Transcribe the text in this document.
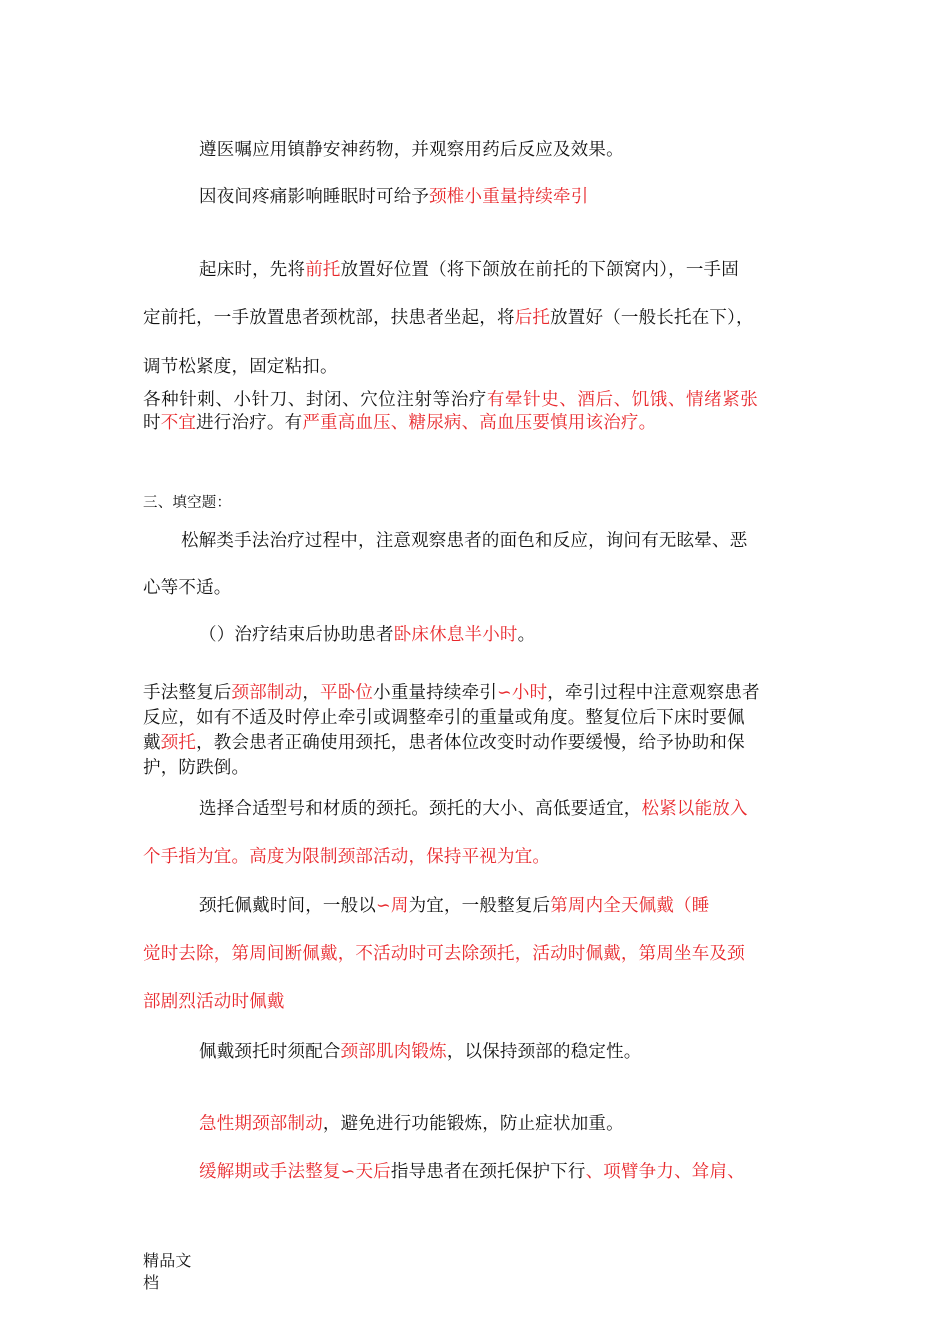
遵医嘱应用镇静安神药物，并观察用药后反应及效果。
因夜间疼痛影响睡眠时可给予颈椎小重量持续牵引
起床时，先将前托放置好位置（将下颌放在前托的下颌窝内），一手固
定前托，一手放置患者颈枕部，扶患者坐起，将后托放置好（一般长托在下），
调节松紧度，固定粘扣。
各种针刺、小针刀、封闭、穴位注射等治疗有晕针史、酒后、饥饿、情绪紧张
时不宜进行治疗。有严重高血压、糖尿病、高血压要慎用该治疗。
三、填空题：
松解类手法治疗过程中，注意观察患者的面色和反应，询问有无眩晕、恶
心等不适。
（）治疗结束后协助患者卧床休息半小时。
手法整复后颈部制动，平卧位小重量持续牵引∽小时，牵引过程中注意观察患者
反应，如有不适及时停止牵引或调整牵引的重量或角度。整复位后下床时要佩
戴颈托，教会患者正确使用颈托，患者体位改变时动作要缓慢，给予协助和保
护，防跌倒。
选择合适型号和材质的颈托。颈托的大小、高低要适宜，松紧以能放入
个手指为宜。高度为限制颈部活动，保持平视为宜。
颈托佩戴时间，一般以∽周为宜，一般整复后第周内全天佩戴（睡
觉时去除，第周间断佩戴，不活动时可去除颈托，活动时佩戴，第周坐车及颈
部剧烈活动时佩戴
佩戴颈托时须配合颈部肌肉锻炼，以保持颈部的稳定性。
急性期颈部制动，避免进行功能锻炼，防止症状加重。
缓解期或手法整复∽天后指导患者在颈托保护下行、项臂争力、耸肩、
精品文
档
